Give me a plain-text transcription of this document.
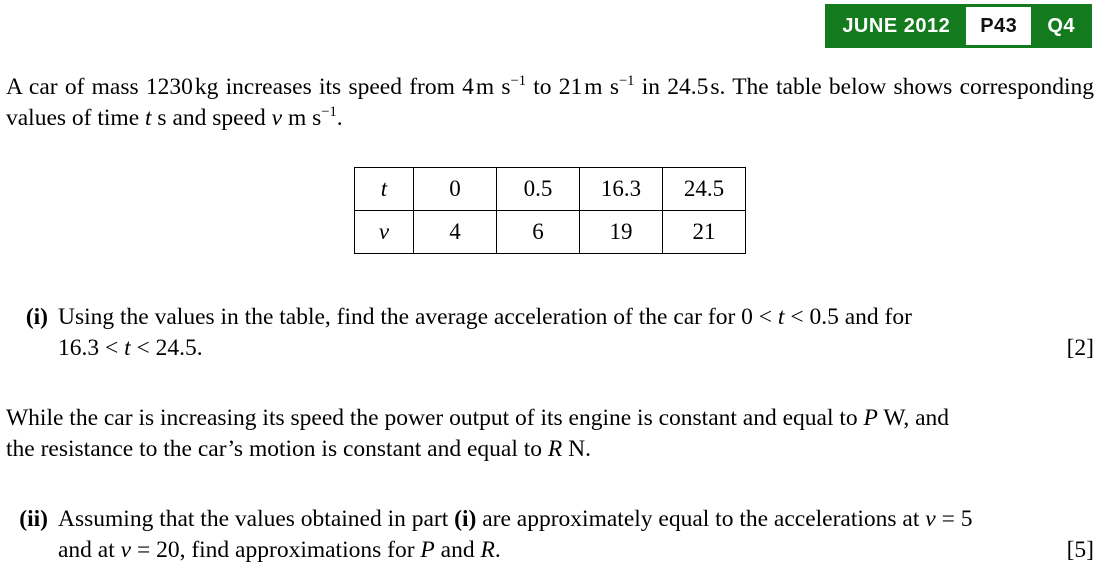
JUNE 2012	P43	Q4

A car of mass 1230kg increases its speed from 4m $s^{-1}$ to 21m $s^{-1}$ in 24.5s. The table below shows corresponding values of time t s and speed v m $s^{-1}$.

t	0	0.5	16.3	24.5
v	4	6	19	21
(i) Using the values in the table, find the average acceleration of the car for 0 < t < 0.5 and for
[2]
16.3 < t < 24.5.
While the car is increasing its speed the power output of its engine is constant and equal to P W, and
the resistance to the car’s motion is constant and equal to R N.
(ii) Assuming that the values obtained in part (i) are approximately equal to the accelerations at v = 5
[5]
and at v = 20, find approximations for P and R.
